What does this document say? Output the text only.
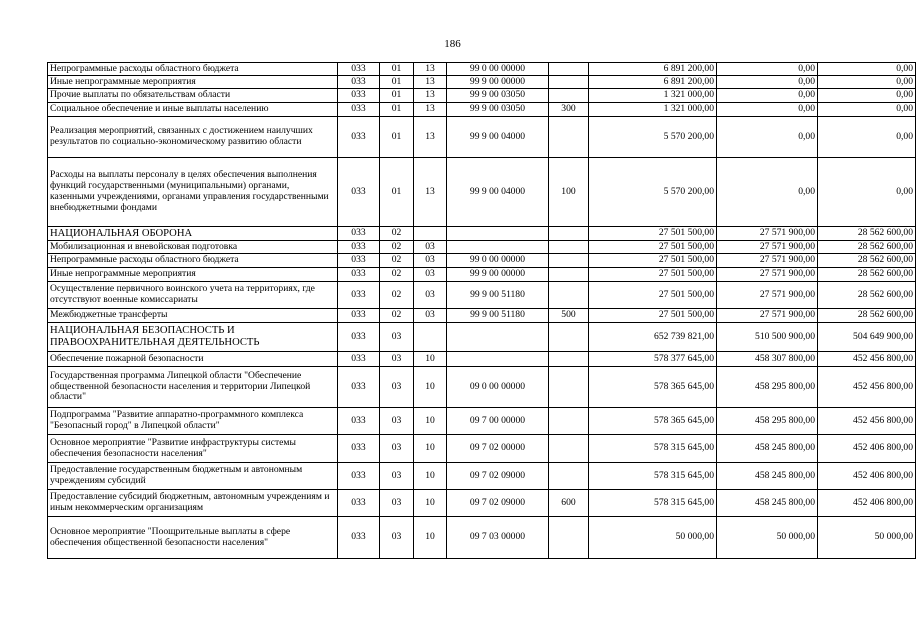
186
Непрограммные расходы областного бюджета	033	01	13	99 0 00 00000		6 891 200,00	0,00	0,00
Иные непрограммные мероприятия	033	01	13	99 9 00 00000		6 891 200,00	0,00	0,00
Прочие выплаты по обязательствам области	033	01	13	99 9 00 03050		1 321 000,00	0,00	0,00
Социальное обеспечение и иные выплаты населению	033	01	13	99 9 00 03050	300	1 321 000,00	0,00	0,00
Реализация мероприятий, связанных с достижением наилучших результатов по социально-экономическому развитию области	033	01	13	99 9 00 04000		5 570 200,00	0,00	0,00
Расходы на выплаты персоналу в целях обеспечения выполнения функций государственными (муниципальными) органами, казенными учреждениями, органами управления государственными внебюджетными фондами	033	01	13	99 9 00 04000	100	5 570 200,00	0,00	0,00
НАЦИОНАЛЬНАЯ ОБОРОНА	033	02				27 501 500,00	27 571 900,00	28 562 600,00
Мобилизационная и вневойсковая подготовка	033	02	03			27 501 500,00	27 571 900,00	28 562 600,00
Непрограммные расходы областного бюджета	033	02	03	99 0 00 00000		27 501 500,00	27 571 900,00	28 562 600,00
Иные непрограммные мероприятия	033	02	03	99 9 00 00000		27 501 500,00	27 571 900,00	28 562 600,00
Осуществление первичного воинского учета на территориях, где отсутствуют военные комиссариаты	033	02	03	99 9 00 51180		27 501 500,00	27 571 900,00	28 562 600,00
Межбюджетные трансферты	033	02	03	99 9 00 51180	500	27 501 500,00	27 571 900,00	28 562 600,00
НАЦИОНАЛЬНАЯ БЕЗОПАСНОСТЬ И ПРАВООХРАНИТЕЛЬНАЯ ДЕЯТЕЛЬНОСТЬ	033	03				652 739 821,00	510 500 900,00	504 649 900,00
Обеспечение пожарной безопасности	033	03	10			578 377 645,00	458 307 800,00	452 456 800,00
Государственная программа Липецкой области "Обеспечение общественной безопасности населения и территории Липецкой области"	033	03	10	09 0 00 00000		578 365 645,00	458 295 800,00	452 456 800,00
Подпрограмма "Развитие аппаратно-программного комплекса "Безопасный город" в Липецкой области"	033	03	10	09 7 00 00000		578 365 645,00	458 295 800,00	452 456 800,00
Основное мероприятие "Развитие инфраструктуры системы обеспечения безопасности населения"	033	03	10	09 7 02 00000		578 315 645,00	458 245 800,00	452 406 800,00
Предоставление государственным бюджетным и автономным учреждениям субсидий	033	03	10	09 7 02 09000		578 315 645,00	458 245 800,00	452 406 800,00
Предоставление субсидий бюджетным, автономным учреждениям и иным некоммерческим организациям	033	03	10	09 7 02 09000	600	578 315 645,00	458 245 800,00	452 406 800,00
Основное мероприятие "Поощрительные выплаты в сфере обеспечения общественной безопасности населения"	033	03	10	09 7 03 00000		50 000,00	50 000,00	50 000,00
